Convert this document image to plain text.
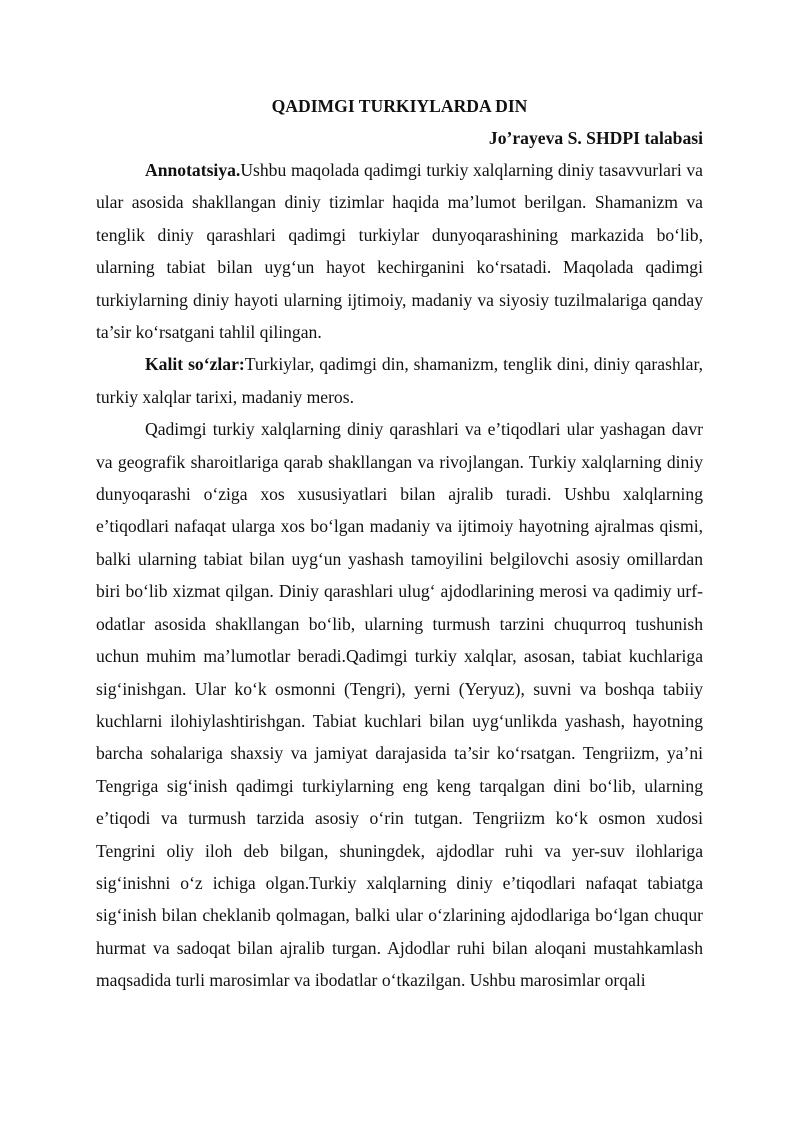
QADIMGI TURKIYLARDA DIN

Jo’rayeva S. SHDPI talabasi

Annotatsiya.Ushbu maqolada qadimgi turkiy xalqlarning diniy tasavvurlari va ular asosida shakllangan diniy tizimlar haqida ma’lumot berilgan. Shamanizm va tenglik diniy qarashlari qadimgi turkiylar dunyoqarashining markazida bo‘lib, ularning tabiat bilan uyg‘un hayot kechirganini ko‘rsatadi. Maqolada qadimgi turkiylarning diniy hayoti ularning ijtimoiy, madaniy va siyosiy tuzilmalariga qanday ta’sir ko‘rsatgani tahlil qilingan.

Kalit so‘zlar:Turkiylar, qadimgi din, shamanizm, tenglik dini, diniy qarashlar, turkiy xalqlar tarixi, madaniy meros.

Qadimgi turkiy xalqlarning diniy qarashlari va e’tiqodlari ular yashagan davr va geografik sharoitlariga qarab shakllangan va rivojlangan. Turkiy xalqlarning diniy dunyoqarashi o‘ziga xos xususiyatlari bilan ajralib turadi. Ushbu xalqlarning e’tiqodlari nafaqat ularga xos bo‘lgan madaniy va ijtimoiy hayotning ajralmas qismi, balki ularning tabiat bilan uyg‘un yashash tamoyilini belgilovchi asosiy omillardan biri bo‘lib xizmat qilgan. Diniy qarashlari ulug‘ ajdodlarining merosi va qadimiy urf-odatlar asosida shakllangan bo‘lib, ularning turmush tarzini chuqurroq tushunish uchun muhim ma’lumotlar beradi.Qadimgi turkiy xalqlar, asosan, tabiat kuchlariga sig‘inishgan. Ular ko‘k osmonni (Tengri), yerni (Yeryuz), suvni va boshqa tabiiy kuchlarni ilohiylashtirishgan. Tabiat kuchlari bilan uyg‘unlikda yashash, hayotning barcha sohalariga shaxsiy va jamiyat darajasida ta’sir ko‘rsatgan. Tengriizm, ya’ni Tengriga sig‘inish qadimgi turkiylarning eng keng tarqalgan dini bo‘lib, ularning e’tiqodi va turmush tarzida asosiy o‘rin tutgan. Tengriizm ko‘k osmon xudosi Tengrini oliy iloh deb bilgan, shuningdek, ajdodlar ruhi va yer-suv ilohlariga sig‘inishni o‘z ichiga olgan.Turkiy xalqlarning diniy e’tiqodlari nafaqat tabiatga sig‘inish bilan cheklanib qolmagan, balki ular o‘zlarining ajdodlariga bo‘lgan chuqur hurmat va sadoqat bilan ajralib turgan. Ajdodlar ruhi bilan aloqani mustahkamlash maqsadida turli marosimlar va ibodatlar o‘tkazilgan. Ushbu marosimlar orqali
